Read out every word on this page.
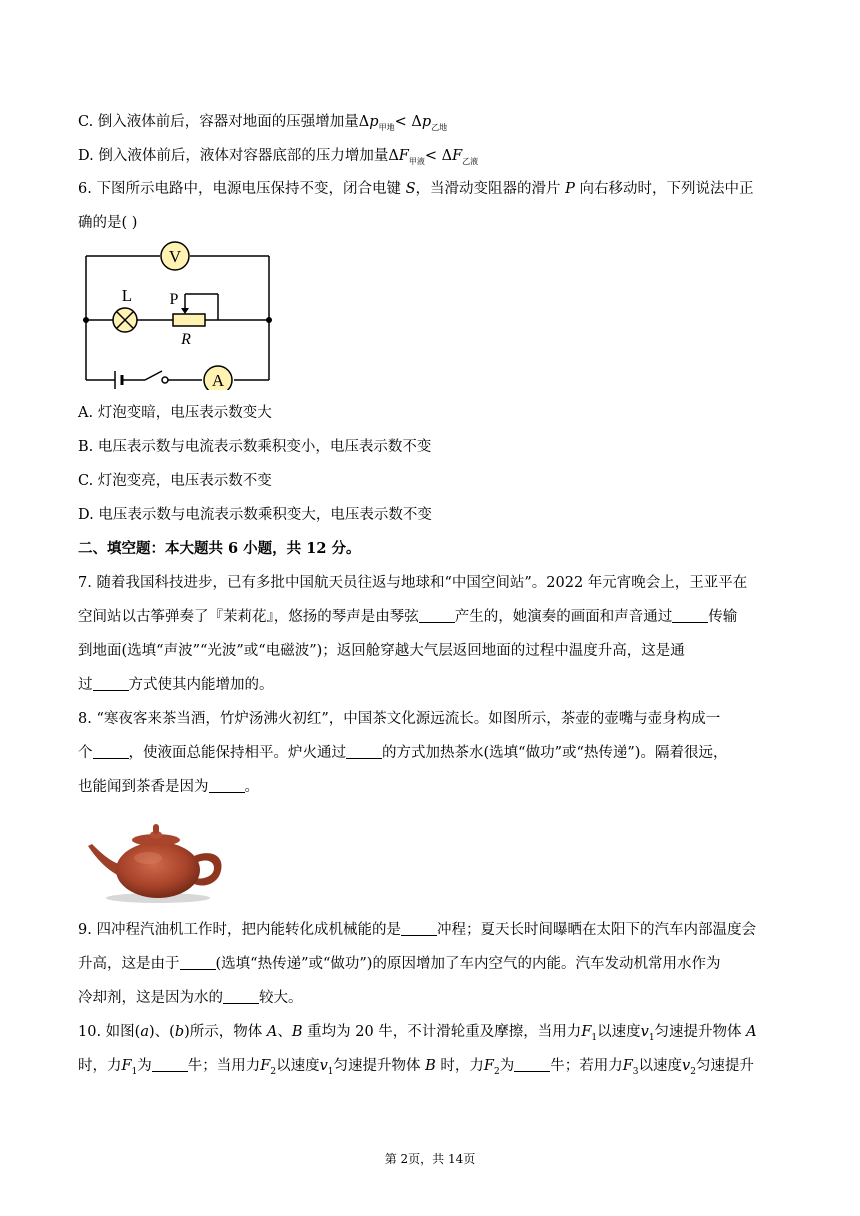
C. 倒入液体前后，容器对地面的压强增加量$\Delta p_{甲地}< \Delta p_{乙地}$
D. 倒入液体前后，液体对容器底部的压力增加量$\Delta F_{甲液}< \Delta F_{乙液}$
6. 下图所示电路中，电源电压保持不变，闭合电键 S，当滑动变阻器的滑片 P 向右移动时，下列说法中正
确的是( )
V
L P
R
A
A. 灯泡变暗，电压表示数变大
B. 电压表示数与电流表示数乘积变小，电压表示数不变
C. 灯泡变亮，电压表示数不变
D. 电压表示数与电流表示数乘积变大，电压表示数不变
二、填空题：本大题共 6 小题，共 12 分。
7. 随着我国科技进步，已有多批中国航天员往返与地球和“中国空间站”。2022 年元宵晚会上，王亚平在
空间站以古筝弹奏了『茉莉花』，悠扬的琴声是由琴弦 产生的，她演奏的画面和声音通过 传输
到地面(选填“声波”“光波”或“电磁波”)；返回舱穿越大气层返回地面的过程中温度升高，这是通
过 方式使其内能增加的。
8. “寒夜客来茶当酒，竹炉汤沸火初红”，中国茶文化源远流长。如图所示，茶壶的壶嘴与壶身构成一
个 ，使液面总能保持相平。炉火通过 的方式加热茶水(选填“做功”或“热传递”)。隔着很远，
也能闻到茶香是因为 。
9. 四冲程汽油机工作时，把内能转化成机械能的是 冲程；夏天长时间曝晒在太阳下的汽车内部温度会
升高，这是由于 (选填“热传递”或“做功”)的原因增加了车内空气的内能。汽车发动机常用水作为
冷却剂，这是因为水的 较大。
10. 如图(a)、(b)所示，物体 A、B 重均为 20 牛，不计滑轮重及摩擦，当用力$F_1$以速度$v_1$匀速提升物体 A
时，力$F_1$为 牛；当用力$F_2$以速度$v_1$匀速提升物体 B 时，力$F_2$为 牛；若用力$F_3$以速度$v_2$匀速提升
第 2页，共 14页
